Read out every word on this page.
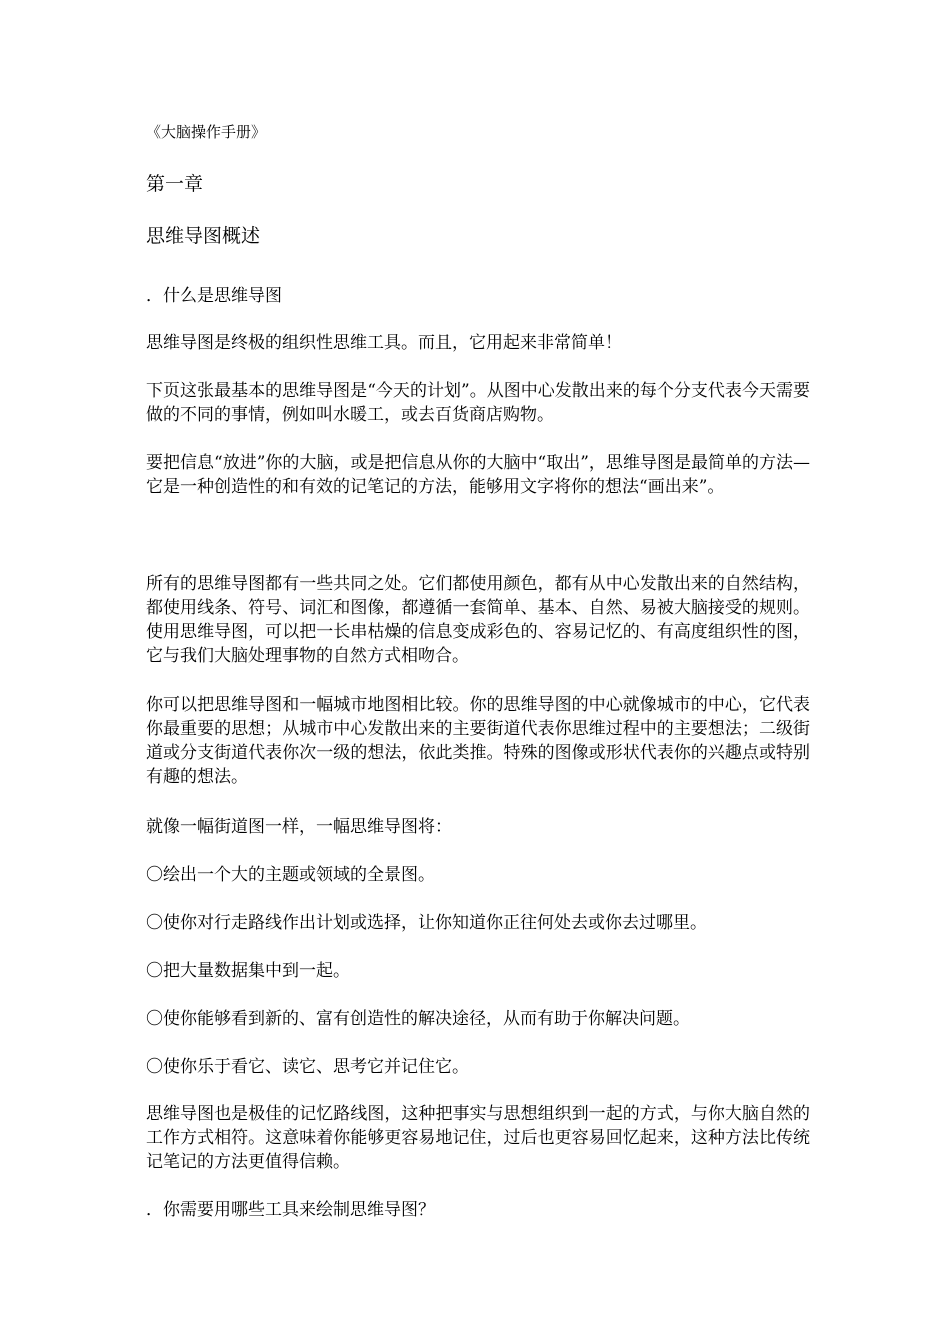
《大脑操作手册》

第一章

思维导图概述

．什么是思维导图

思维导图是终极的组织性思维工具。而且，它用起来非常简单！

下页这张最基本的思维导图是“今天的计划”。从图中心发散出来的每个分支代表今天需要做的不同的事情，例如叫水暖工，或去百货商店购物。

要把信息“放进”你的大脑，或是把信息从你的大脑中“取出”，思维导图是最简单的方法—它是一种创造性的和有效的记笔记的方法，能够用文字将你的想法“画出来”。

所有的思维导图都有一些共同之处。它们都使用颜色，都有从中心发散出来的自然结构，都使用线条、符号、词汇和图像，都遵循一套简单、基本、自然、易被大脑接受的规则。使用思维导图，可以把一长串枯燥的信息变成彩色的、容易记忆的、有高度组织性的图，它与我们大脑处理事物的自然方式相吻合。

你可以把思维导图和一幅城市地图相比较。你的思维导图的中心就像城市的中心，它代表你最重要的思想；从城市中心发散出来的主要街道代表你思维过程中的主要想法；二级街道或分支街道代表你次一级的想法，依此类推。特殊的图像或形状代表你的兴趣点或特别有趣的想法。

就像一幅街道图一样，一幅思维导图将：

〇绘出一个大的主题或领域的全景图。

〇使你对行走路线作出计划或选择，让你知道你正往何处去或你去过哪里。

〇把大量数据集中到一起。

〇使你能够看到新的、富有创造性的解决途径，从而有助于你解决问题。

〇使你乐于看它、读它、思考它并记住它。

思维导图也是极佳的记忆路线图，这种把事实与思想组织到一起的方式，与你大脑自然的工作方式相符。这意味着你能够更容易地记住，过后也更容易回忆起来，这种方法比传统记笔记的方法更值得信赖。

．你需要用哪些工具来绘制思维导图？
